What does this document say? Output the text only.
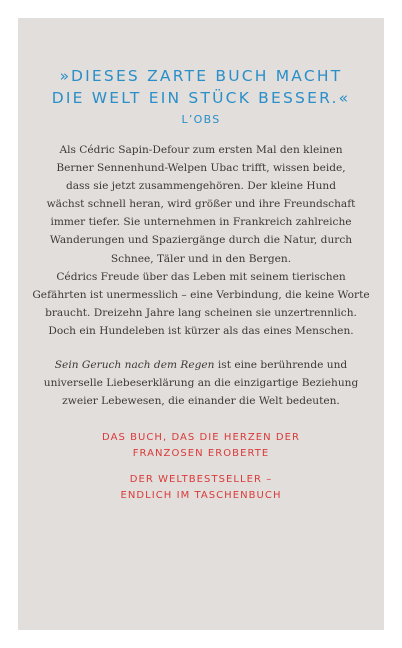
»DIESES ZARTE BUCH MACHT
DIE WELT EIN STÜCK BESSER.«
L’OBS
Als Cédric Sapin-Defour zum ersten Mal den kleinen
Berner Sennenhund-Welpen Ubac trifft, wissen beide,
dass sie jetzt zusammengehören. Der kleine Hund
wächst schnell heran, wird größer und ihre Freundschaft
immer tiefer. Sie unternehmen in Frankreich zahlreiche
Wanderungen und Spaziergänge durch die Natur, durch
Schnee, Täler und in den Bergen.
Cédrics Freude über das Leben mit seinem tierischen
Gefährten ist unermesslich – eine Verbindung, die keine Worte
braucht. Dreizehn Jahre lang scheinen sie unzertrennlich.
Doch ein Hundeleben ist kürzer als das eines Menschen.
Sein Geruch nach dem Regen ist eine berührende und
universelle Liebeserklärung an die einzigartige Beziehung
zweier Lebewesen, die einander die Welt bedeuten.
DAS BUCH, DAS DIE HERZEN DER
FRANZOSEN EROBERTE
DER WELTBESTSELLER –
ENDLICH IM TASCHENBUCH
